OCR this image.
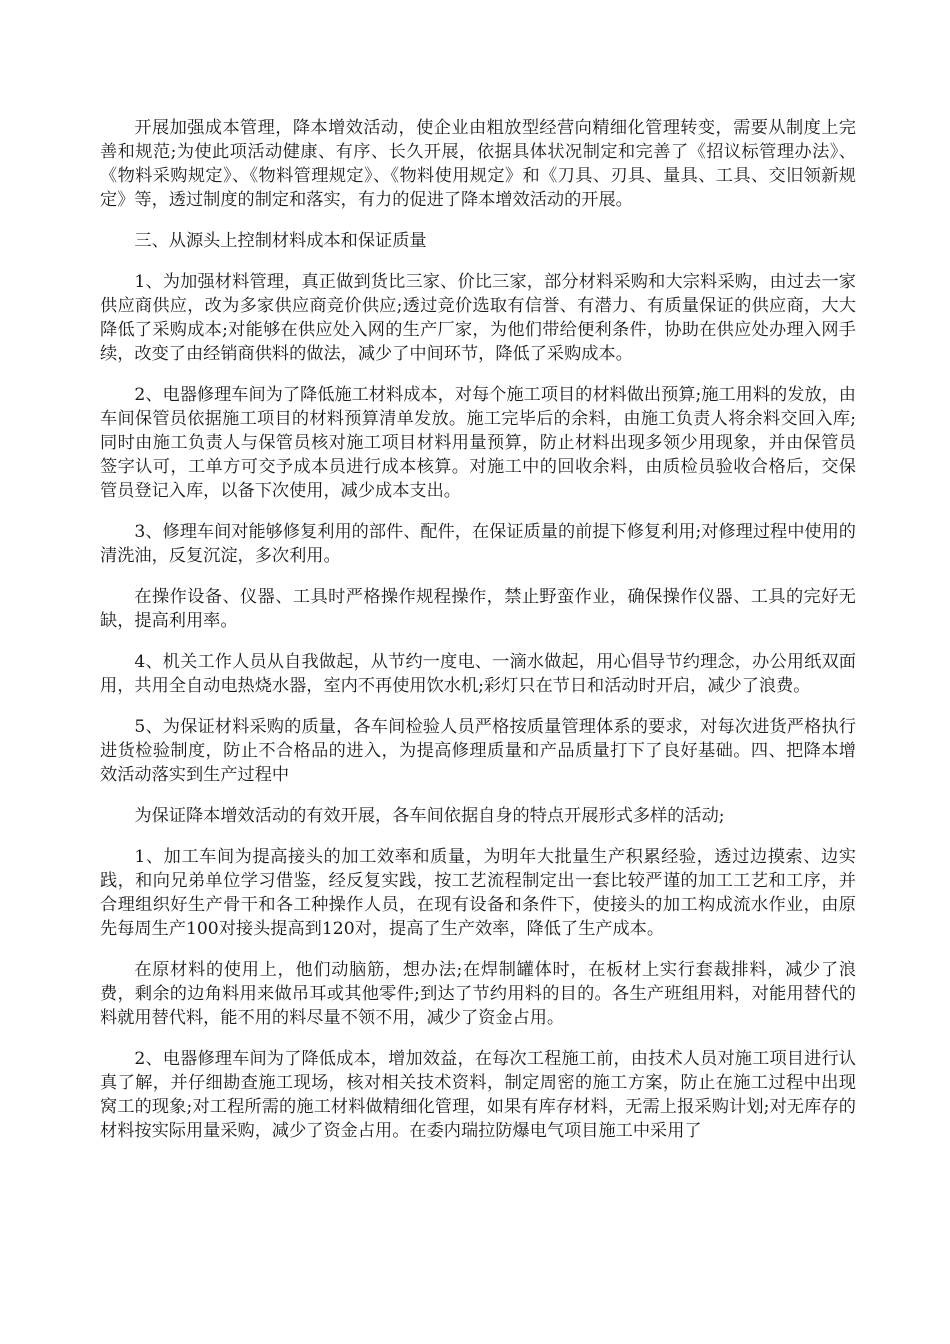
开展加强成本管理，降本增效活动，使企业由粗放型经营向精细化管理转变，需要从制度上完善和规范;为使此项活动健康、有序、长久开展，依据具体状况制定和完善了《招议标管理办法》、《物料采购规定》、《物料管理规定》、《物料使用规定》和《刀具、刃具、量具、工具、交旧领新规定》等，透过制度的制定和落实，有力的促进了降本增效活动的开展。

三、从源头上控制材料成本和保证质量

1、为加强材料管理，真正做到货比三家、价比三家，部分材料采购和大宗料采购，由过去一家供应商供应，改为多家供应商竞价供应;透过竞价选取有信誉、有潜力、有质量保证的供应商，大大降低了采购成本;对能够在供应处入网的生产厂家，为他们带给便利条件，协助在供应处办理入网手续，改变了由经销商供料的做法，减少了中间环节，降低了采购成本。

2、电器修理车间为了降低施工材料成本，对每个施工项目的材料做出预算;施工用料的发放，由车间保管员依据施工项目的材料预算清单发放。施工完毕后的余料，由施工负责人将余料交回入库;同时由施工负责人与保管员核对施工项目材料用量预算，防止材料出现多领少用现象，并由保管员签字认可，工单方可交予成本员进行成本核算。对施工中的回收余料，由质检员验收合格后，交保管员登记入库，以备下次使用，减少成本支出。

3、修理车间对能够修复利用的部件、配件，在保证质量的前提下修复利用;对修理过程中使用的清洗油，反复沉淀，多次利用。

在操作设备、仪器、工具时严格操作规程操作，禁止野蛮作业，确保操作仪器、工具的完好无缺，提高利用率。

4、机关工作人员从自我做起，从节约一度电、一滴水做起，用心倡导节约理念，办公用纸双面用，共用全自动电热烧水器，室内不再使用饮水机;彩灯只在节日和活动时开启，减少了浪费。

5、为保证材料采购的质量，各车间检验人员严格按质量管理体系的要求，对每次进货严格执行进货检验制度，防止不合格品的进入，为提高修理质量和产品质量打下了良好基础。四、把降本增效活动落实到生产过程中

为保证降本增效活动的有效开展，各车间依据自身的特点开展形式多样的活动;

1、加工车间为提高接头的加工效率和质量，为明年大批量生产积累经验，透过边摸索、边实践，和向兄弟单位学习借鉴，经反复实践，按工艺流程制定出一套比较严谨的加工工艺和工序，并合理组织好生产骨干和各工种操作人员，在现有设备和条件下，使接头的加工构成流水作业，由原先每周生产100对接头提高到120对，提高了生产效率，降低了生产成本。

在原材料的使用上，他们动脑筋，想办法;在焊制罐体时，在板材上实行套裁排料，减少了浪费，剩余的边角料用来做吊耳或其他零件;到达了节约用料的目的。各生产班组用料，对能用替代的料就用替代料，能不用的料尽量不领不用，减少了资金占用。

2、电器修理车间为了降低成本，增加效益，在每次工程施工前，由技术人员对施工项目进行认真了解，并仔细勘查施工现场，核对相关技术资料，制定周密的施工方案，防止在施工过程中出现窝工的现象;对工程所需的施工材料做精细化管理，如果有库存材料，无需上报采购计划;对无库存的材料按实际用量采购，减少了资金占用。在委内瑞拉防爆电气项目施工中采用了
